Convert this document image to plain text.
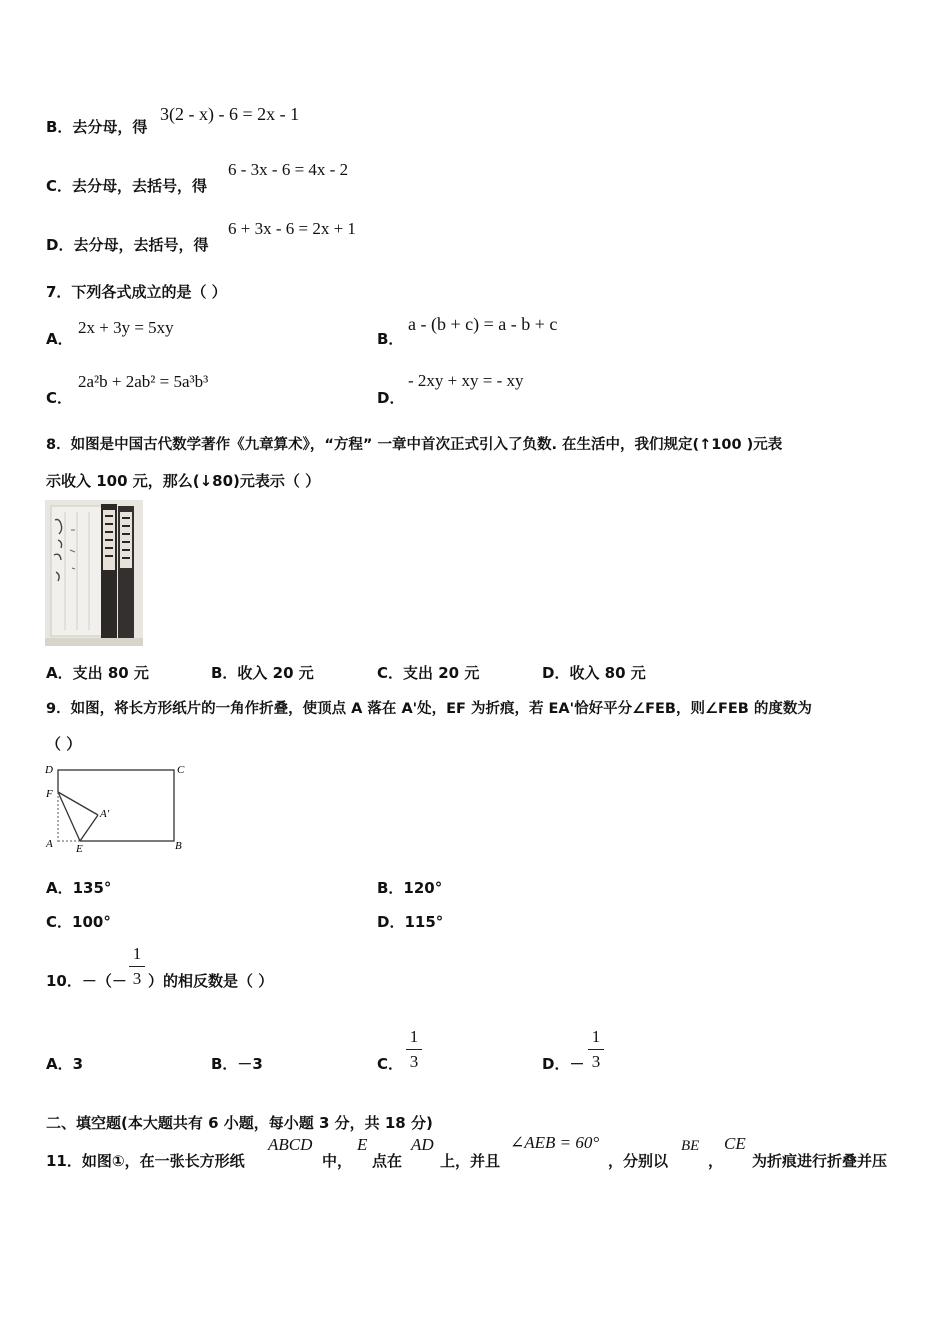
B．去分母，得
3(2 - x) - 6 = 2x - 1
C．去分母，去括号，得
6 - 3x - 6 = 4x - 2
D．去分母，去括号，得
6 + 3x - 6 = 2x + 1
7．下列各式成立的是（ ）
A．
2x + 3y = 5xy
B．
a - (b + c) = a - b + c
C．
2a²b + 2ab² = 5a³b³
D．
- 2xy + xy = - xy
8．如图是中国古代数学著作《九章算术》，“方程” 一章中首次正式引入了负数. 在生活中，我们规定(↑100 )元表
示收入 100 元，那么(↓80)元表示（ ）
A．支出 80 元	B．收入 20 元	C．支出 20 元	D．收入 80 元
9．如图，将长方形纸片的一角作折叠，使顶点 A 落在 A'处，EF 为折痕，若 EA'恰好平分∠FEB，则∠FEB 的度数为
（ ）
D	C
F
A'
A E	B
A．135°	B．120°
C．100°	D．115°
10．－（－
1
3 ）的相反数是（ ）
A．3	B．－3	C．
1
3	D．－
1
3
二、填空题(本大题共有 6 小题，每小题 3 分，共 18 分)
11．如图①，在一张长方形纸
ABCD
中，
E
点在
AD
上，并且
∠AEB = 60°
，分别以
BE
，
CE
为折痕进行折叠并压
